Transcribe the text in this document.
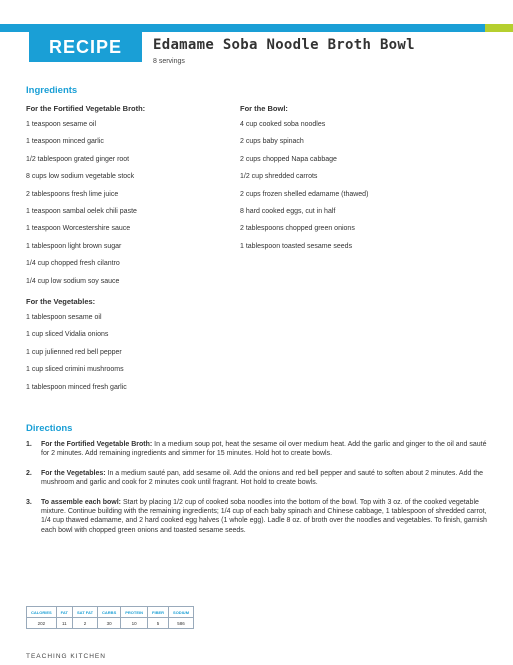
RECIPE	Edamame Soba Noodle Broth Bowl
8 servings
Ingredients
For the Fortified Vegetable Broth:
1 teaspoon sesame oil
1 teaspoon minced garlic
1/2 tablespoon grated ginger root
8 cups low sodium vegetable stock
2 tablespoons fresh lime juice
1 teaspoon sambal oelek chili paste
1 teaspoon Worcestershire sauce
1 tablespoon light brown sugar
1/4 cup chopped fresh cilantro
1/4 cup low sodium soy sauce
For the Bowl:
4 cup cooked soba noodles
2 cups baby spinach
2 cups chopped Napa cabbage
1/2 cup shredded carrots
2 cups frozen shelled edamame (thawed)
8 hard cooked eggs, cut in half
2 tablespoons chopped green onions
1 tablespoon toasted sesame seeds
For the Vegetables:
1 tablespoon sesame oil
1 cup sliced Vidalia onions
1 cup julienned red bell pepper
1 cup sliced crimini mushrooms
1 tablespoon minced fresh garlic
Directions
1. For the Fortified Vegetable Broth: In a medium soup pot, heat the sesame oil over medium heat. Add the garlic and ginger to the oil and sauté for 2 minutes. Add remaining ingredients and simmer for 15 minutes. Hold hot to create bowls.
2. For the Vegetables: In a medium sauté pan, add sesame oil. Add the onions and red bell pepper and sauté to soften about 2 minutes. Add the mushroom and garlic and cook for 2 minutes cook until fragrant. Hot hold to create bowls.
3. To assemble each bowl: Start by placing 1/2 cup of cooked soba noodles into the bottom of the bowl. Top with 3 oz. of the cooked vegetable mixture. Continue building with the remaining ingredients; 1/4 cup of each baby spinach and Chinese cabbage, 1 tablespoon of shredded carrot, 1/4 cup thawed edamame, and 2 hard cooked egg halves (1 whole egg). Ladle 8 oz. of broth over the noodles and vegetables. To finish, garnish each bowl with chopped green onions and toasted sesame seeds.
CALORIES	FAT	SAT FAT	CARBS	PROTEIN	FIBER	SODIUM
202	11	2	30	10	5	586
TEACHING KITCHEN
